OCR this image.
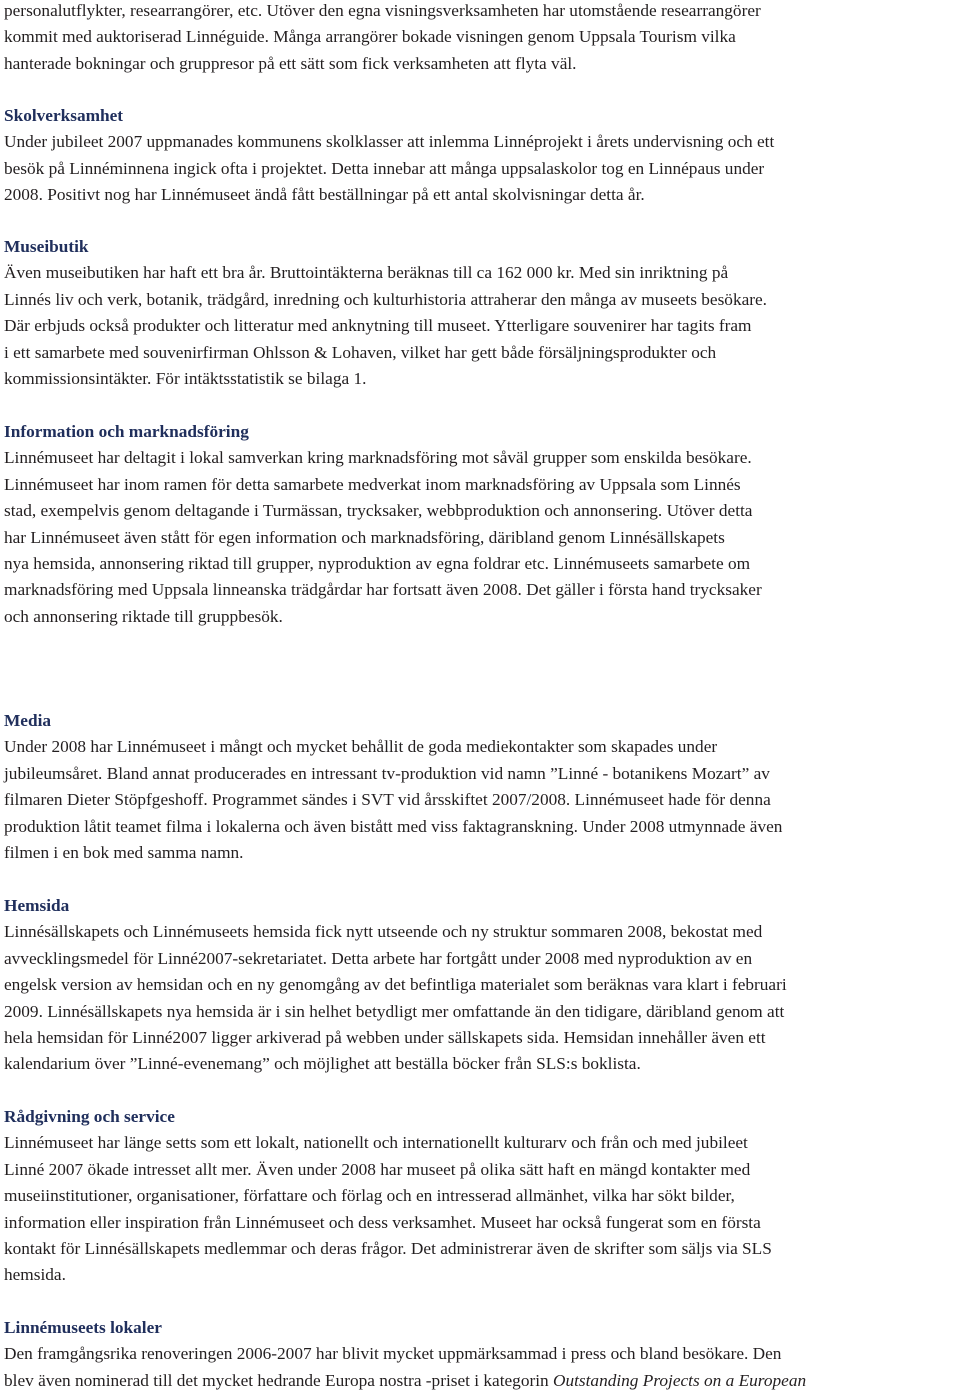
personalutflykter, researrangörer, etc. Utöver den egna visningsverksamheten har utomstående researrangörer
kommit med auktoriserad Linnéguide. Många arrangörer bokade visningen genom Uppsala Tourism vilka
hanterade bokningar och gruppresor på ett sätt som fick verksamheten att flyta väl.

Skolverksamhet

Under jubileet 2007 uppmanades kommunens skolklasser att inlemma Linnéprojekt i årets undervisning och ett
besök på Linnéminnena ingick ofta i projektet. Detta innebar att många uppsalaskolor tog en Linnépaus under
2008. Positivt nog har Linnémuseet ändå fått beställningar på ett antal skolvisningar detta år.

Museibutik

Även museibutiken har haft ett bra år. Bruttointäkterna beräknas till ca 162 000 kr. Med sin inriktning på
Linnés liv och verk, botanik, trädgård, inredning och kulturhistoria attraherar den många av museets besökare.
Där erbjuds också produkter och litteratur med anknytning till museet. Ytterligare souvenirer har tagits fram
i ett samarbete med souvenirfirman Ohlsson & Lohaven, vilket har gett både försäljningsprodukter och
kommissionsintäkter. För intäktsstatistik se bilaga 1.

Information och marknadsföring

Linnémuseet har deltagit i lokal samverkan kring marknadsföring mot såväl grupper som enskilda besökare.
Linnémuseet har inom ramen för detta samarbete medverkat inom marknadsföring av Uppsala som Linnés
stad, exempelvis genom deltagande i Turmässan, trycksaker, webbproduktion och annonsering. Utöver detta
har Linnémuseet även stått för egen information och marknadsföring, däribland genom Linnésällskapets
nya hemsida, annonsering riktad till grupper, nyproduktion av egna foldrar etc. Linnémuseets samarbete om
marknadsföring med Uppsala linneanska trädgårdar har fortsatt även 2008. Det gäller i första hand trycksaker
och annonsering riktade till gruppbesök.

Media

Under 2008 har Linnémuseet i mångt och mycket behållit de goda mediekontakter som skapades under
jubileumsåret. Bland annat producerades en intressant tv-produktion vid namn ”Linné - botanikens Mozart” av
filmaren Dieter Stöpfgeshoff. Programmet sändes i SVT vid årsskiftet 2007/2008. Linnémuseet hade för denna
produktion låtit teamet filma i lokalerna och även bistått med viss faktagranskning. Under 2008 utmynnade även
filmen i en bok med samma namn.

Hemsida

Linnésällskapets och Linnémuseets hemsida fick nytt utseende och ny struktur sommaren 2008, bekostat med
avvecklingsmedel för Linné2007-sekretariatet. Detta arbete har fortgått under 2008 med nyproduktion av en
engelsk version av hemsidan och en ny genomgång av det befintliga materialet som beräknas vara klart i februari
2009. Linnésällskapets nya hemsida är i sin helhet betydligt mer omfattande än den tidigare, däribland genom att
hela hemsidan för Linné2007 ligger arkiverad på webben under sällskapets sida. Hemsidan innehåller även ett
kalendarium över ”Linné-evenemang” och möjlighet att beställa böcker från SLS:s boklista.

Rådgivning och service

Linnémuseet har länge setts som ett lokalt, nationellt och internationellt kulturarv och från och med jubileet
Linné 2007 ökade intresset allt mer. Även under 2008 har museet på olika sätt haft en mängd kontakter med
museiinstitutioner, organisationer, författare och förlag och en intresserad allmänhet, vilka har sökt bilder,
information eller inspiration från Linnémuseet och dess verksamhet. Museet har också fungerat som en första
kontakt för Linnésällskapets medlemmar och deras frågor. Det administrerar även de skrifter som säljs via SLS
hemsida.

Linnémuseets lokaler

Den framgångsrika renoveringen 2006-2007 har blivit mycket uppmärksammad i press och bland besökare. Den
blev även nominerad till det mycket hedrande Europa nostra -priset i kategorin Outstanding Projects on a European
